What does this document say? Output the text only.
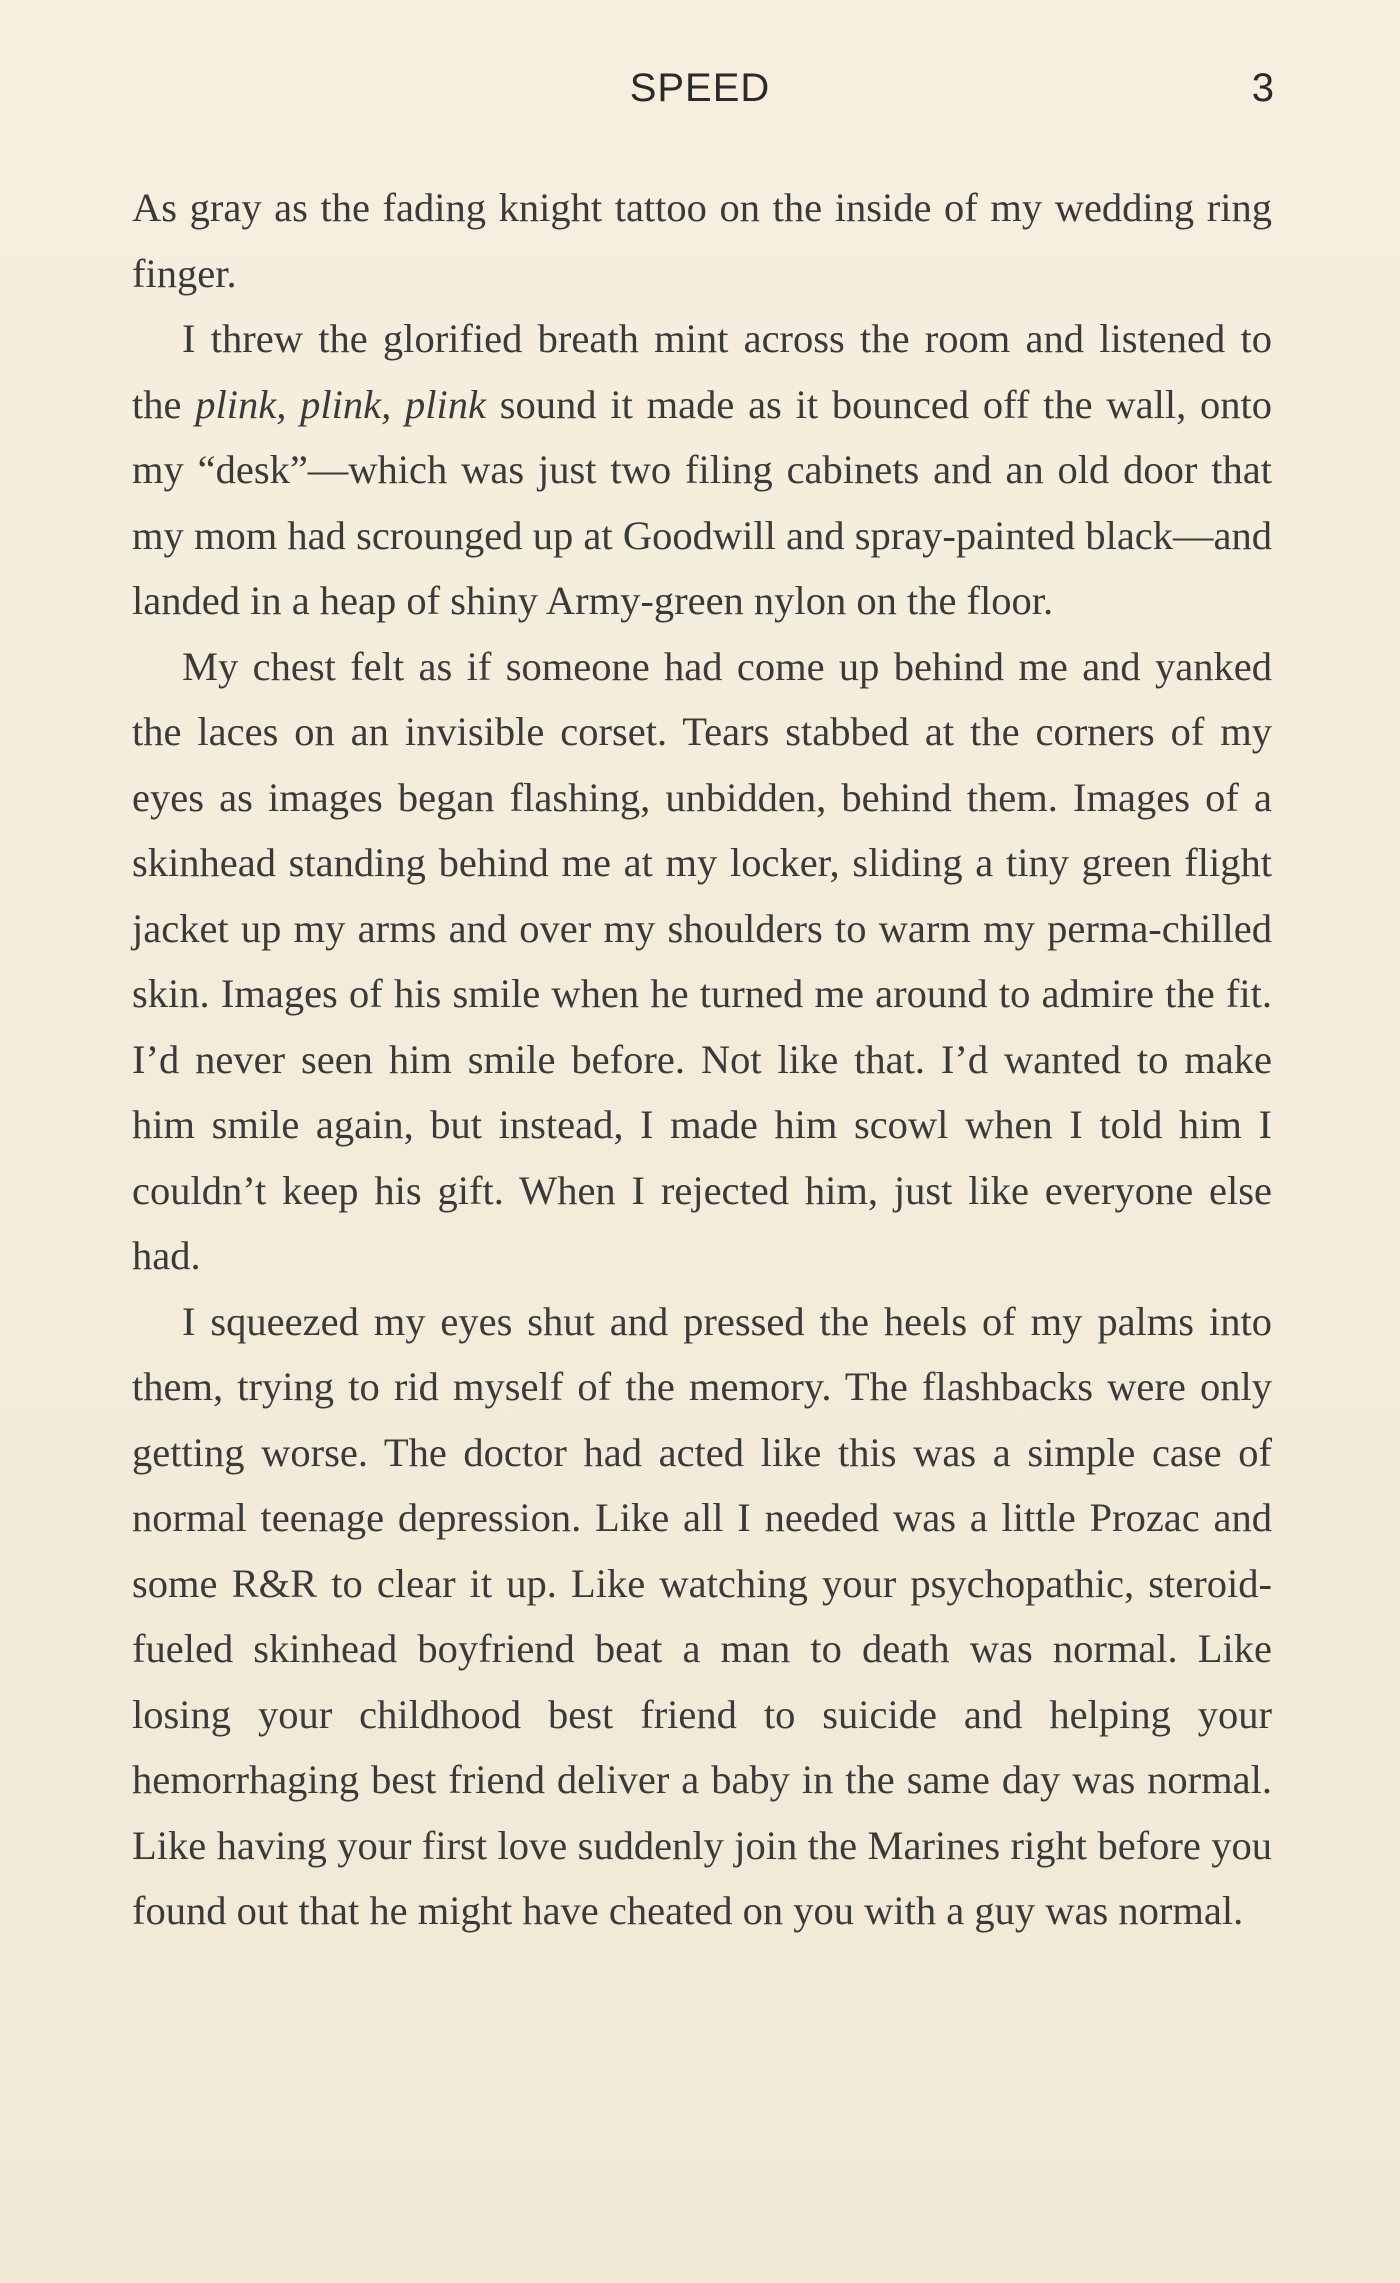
SPEED	3

As gray as the fading knight tattoo on the inside of my wedding ring finger.

I threw the glorified breath mint across the room and listened to the plink, plink, plink sound it made as it bounced off the wall, onto my “desk”—which was just two filing cabinets and an old door that my mom had scrounged up at Goodwill and spray-painted black—and landed in a heap of shiny Army-green nylon on the floor.

My chest felt as if someone had come up behind me and yanked the laces on an invisible corset. Tears stabbed at the corners of my eyes as images began flashing, unbidden, behind them. Images of a skinhead standing behind me at my locker, sliding a tiny green flight jacket up my arms and over my shoulders to warm my perma-chilled skin. Images of his smile when he turned me around to admire the fit. I’d never seen him smile before. Not like that. I’d wanted to make him smile again, but instead, I made him scowl when I told him I couldn’t keep his gift. When I rejected him, just like everyone else had.

I squeezed my eyes shut and pressed the heels of my palms into them, trying to rid myself of the memory. The flashbacks were only getting worse. The doctor had acted like this was a simple case of normal teenage depression. Like all I needed was a little Prozac and some R&R to clear it up. Like watching your psychopathic, steroid-fueled skinhead boyfriend beat a man to death was normal. Like losing your childhood best friend to suicide and helping your hemorrhaging best friend deliver a baby in the same day was normal. Like having your first love suddenly join the Marines right before you found out that he might have cheated on you with a guy was normal.
